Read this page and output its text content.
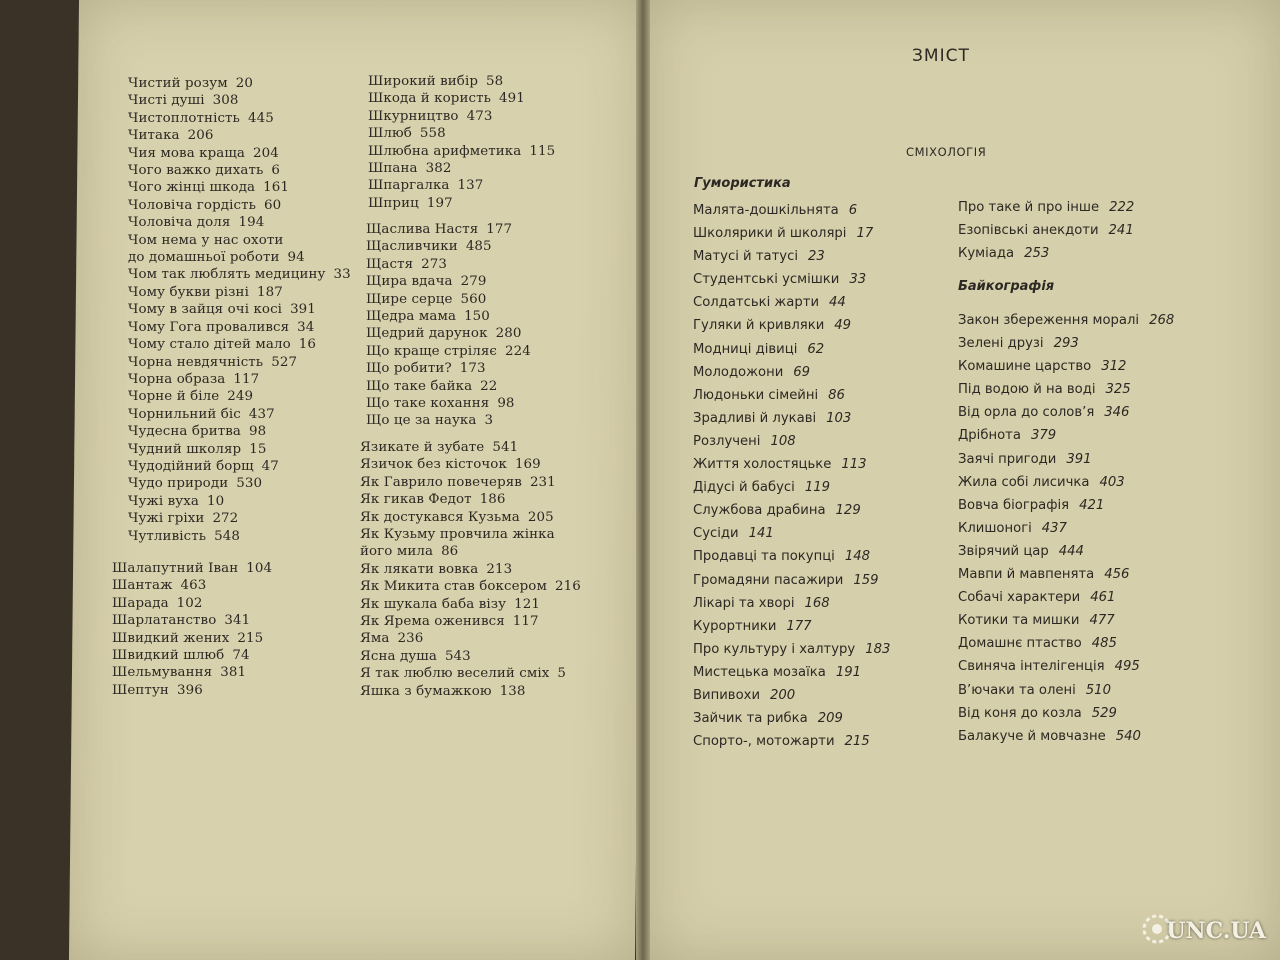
Чистий розум 20
Чисті душі 308
Чистоплотність 445
Читака 206
Чия мова краща 204
Чого важко дихать 6
Чого жінці шкода 161
Чоловіча гордість 60
Чоловіча доля 194
Чом нема у нас охоти
до домашньої роботи 94
Чом так люблять медицину 33
Чому букви різні 187
Чому в зайця очі косі 391
Чому Гога провалився 34
Чому стало дітей мало 16
Чорна невдячність 527
Чорна образа 117
Чорне й біле 249
Чорнильний біс 437
Чудесна бритва 98
Чудний школяр 15
Чудодійний борщ 47
Чудо природи 530
Чужі вуха 10
Чужі гріхи 272
Чутливість 548
Шалапутний Іван 104
Шантаж 463
Шарада 102
Шарлатанство 341
Швидкий жених 215
Швидкий шлюб 74
Шельмування 381
Шептун 396
Широкий вибір 58
Шкода й користь 491
Шкурництво 473
Шлюб 558
Шлюбна арифметика 115
Шпана 382
Шпаргалка 137
Шприц 197
Щаслива Настя 177
Щасливчики 485
Щастя 273
Щира вдача 279
Щире серце 560
Щедра мама 150
Щедрий дарунок 280
Що краще стріляє 224
Що робити? 173
Що таке байка 22
Що таке кохання 98
Що це за наука 3
Язикате й зубате 541
Язичок без кісточок 169
Як Гаврило повечеряв 231
Як гикав Федот 186
Як достукався Кузьма 205
Як Кузьму провчила жінка
його мила 86
Як лякати вовка 213
Як Микита став боксером 216
Як шукала баба візу 121
Як Ярема оженився 117
Яма 236
Ясна душа 543
Я так люблю веселий сміх 5
Яшка з бумажкою 138
ЗМІСТ
СМІХОЛОГІЯ
Гумористика
Байкографія
Малята-дошкільнята 6
Школярики й школярі 17
Матусі й татусі 23
Студентські усмішки 33
Солдатські жарти 44
Гуляки й кривляки 49
Модниці дівиці 62
Молодожони 69
Людоньки сімейні 86
Зрадливі й лукаві 103
Розлучені 108
Життя холостяцьке 113
Дідусі й бабусі 119
Службова драбина 129
Сусіди 141
Продавці та покупці 148
Громадяни пасажири 159
Лікарі та хворі 168
Курортники 177
Про культуру і халтуру 183
Мистецька мозаїка 191
Випивохи 200
Зайчик та рибка 209
Спорто-, мотожарти 215
Про таке й про інше 222
Езопівські анекдоти 241
Куміада 253
Закон збереження моралі 268
Зелені друзі 293
Комашине царство 312
Під водою й на воді 325
Від орла до солов’я 346
Дрібнота 379
Заячі пригоди 391
Жила собі лисичка 403
Вовча біографія 421
Клишоногі 437
Звірячий цар 444
Мавпи й мавпенята 456
Собачі характери 461
Котики та мишки 477
Домашнє птаство 485
Свиняча інтелігенція 495
В’ючаки та олені 510
Від коня до козла 529
Балакуче й мовчазне 540
UNC.UA
